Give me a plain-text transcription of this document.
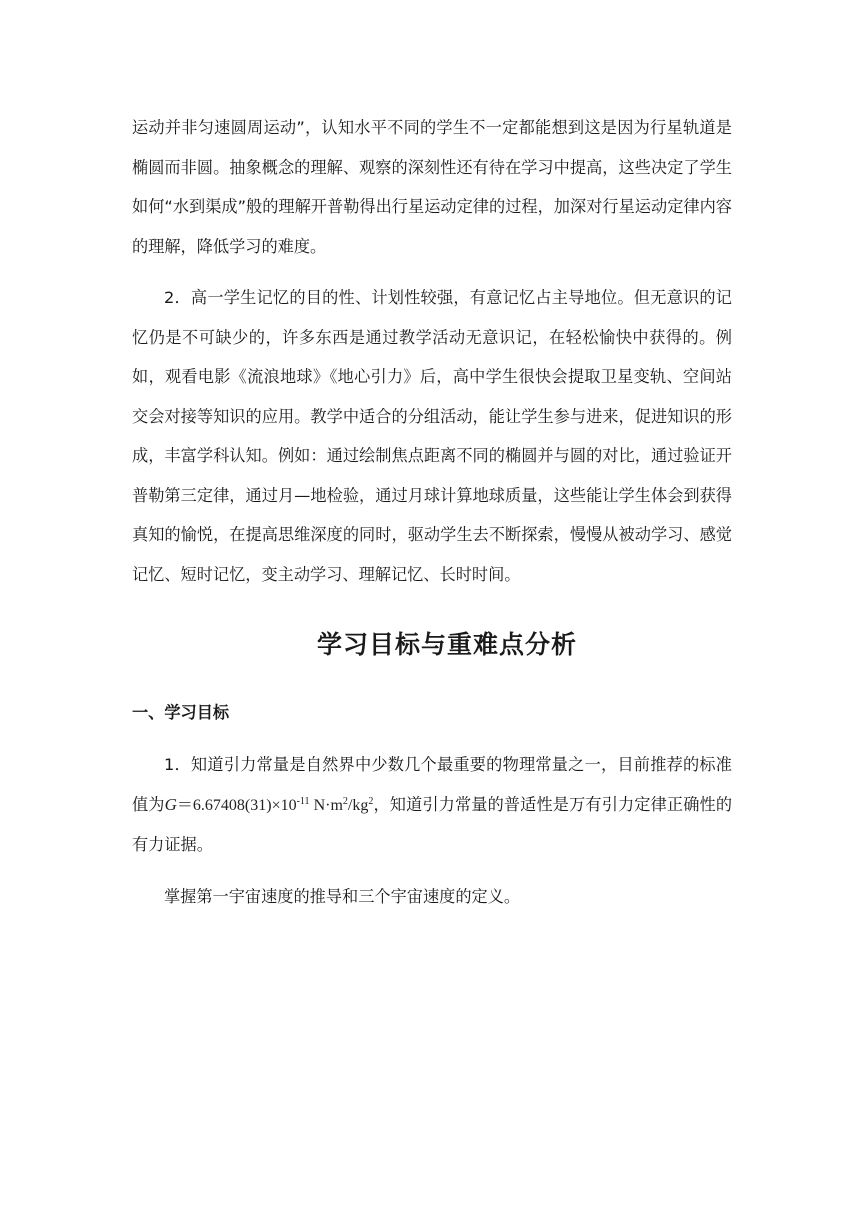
运动并非匀速圆周运动”，认知水平不同的学生不一定都能想到这是因为行星轨道是椭圆而非圆。抽象概念的理解、观察的深刻性还有待在学习中提高，这些决定了学生如何“水到渠成”般的理解开普勒得出行星运动定律的过程，加深对行星运动定律内容的理解，降低学习的难度。

2．高一学生记忆的目的性、计划性较强，有意记忆占主导地位。但无意识的记忆仍是不可缺少的，许多东西是通过教学活动无意识记，在轻松愉快中获得的。例如，观看电影《流浪地球》《地心引力》后，高中学生很快会提取卫星变轨、空间站交会对接等知识的应用。教学中适合的分组活动，能让学生参与进来，促进知识的形成，丰富学科认知。例如：通过绘制焦点距离不同的椭圆并与圆的对比，通过验证开普勒第三定律，通过月—地检验，通过月球计算地球质量，这些能让学生体会到获得真知的愉悦，在提高思维深度的同时，驱动学生去不断探索，慢慢从被动学习、感觉记忆、短时记忆，变主动学习、理解记忆、长时时间。

学习目标与重难点分析
一、学习目标

1．知道引力常量是自然界中少数几个最重要的物理常量之一，目前推荐的标准值为$G=6.67408(31)\times 10^{-11}$ $N\cdot m^2/kg^2$，知道引力常量的普适性是万有引力定律正确性的有力证据。

掌握第一宇宙速度的推导和三个宇宙速度的定义。
